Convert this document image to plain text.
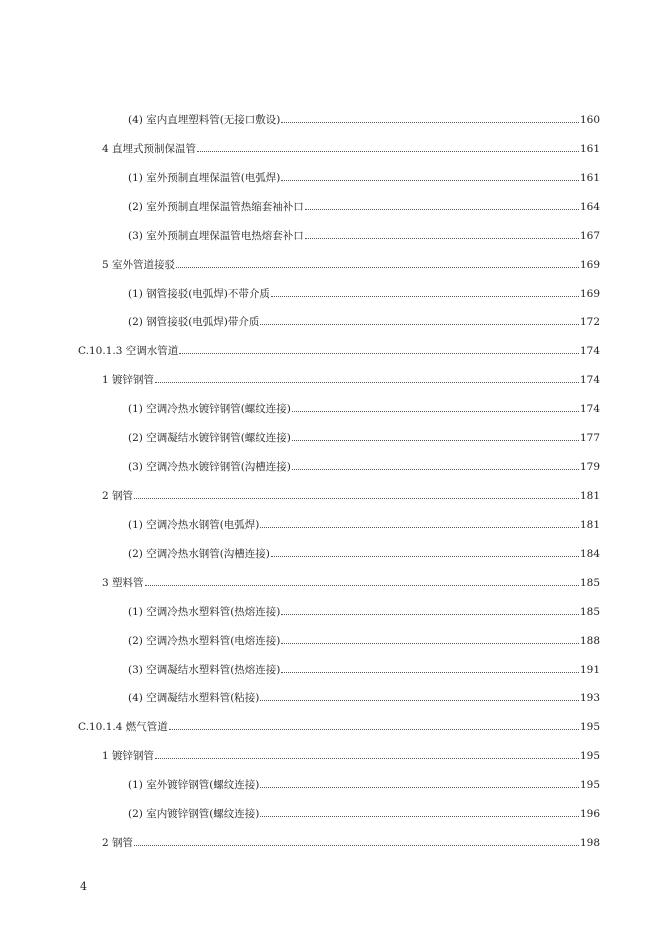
(4) 室内直埋塑料管(无接口敷设)	160
4 直埋式预制保温管	161
(1) 室外预制直埋保温管(电弧焊)	161
(2) 室外预制直埋保温管热缩套袖补口	164
(3) 室外预制直埋保温管电热熔套补口	167
5 室外管道接驳	169
(1) 钢管接驳(电弧焊)不带介质	169
(2) 钢管接驳(电弧焊)带介质	172
C.10.1.3 空调水管道	174
1 镀锌钢管	174
(1) 空调冷热水镀锌钢管(螺纹连接)	174
(2) 空调凝结水镀锌钢管(螺纹连接)	177
(3) 空调冷热水镀锌钢管(沟槽连接)	179
2 钢管	181
(1) 空调冷热水钢管(电弧焊)	181
(2) 空调冷热水钢管(沟槽连接)	184
3 塑料管	185
(1) 空调冷热水塑料管(热熔连接)	185
(2) 空调冷热水塑料管(电熔连接)	188
(3) 空调凝结水塑料管(热熔连接)	191
(4) 空调凝结水塑料管(粘接)	193
C.10.1.4 燃气管道	195
1 镀锌钢管	195
(1) 室外镀锌钢管(螺纹连接)	195
(2) 室内镀锌钢管(螺纹连接)	196
2 钢管	198
4
